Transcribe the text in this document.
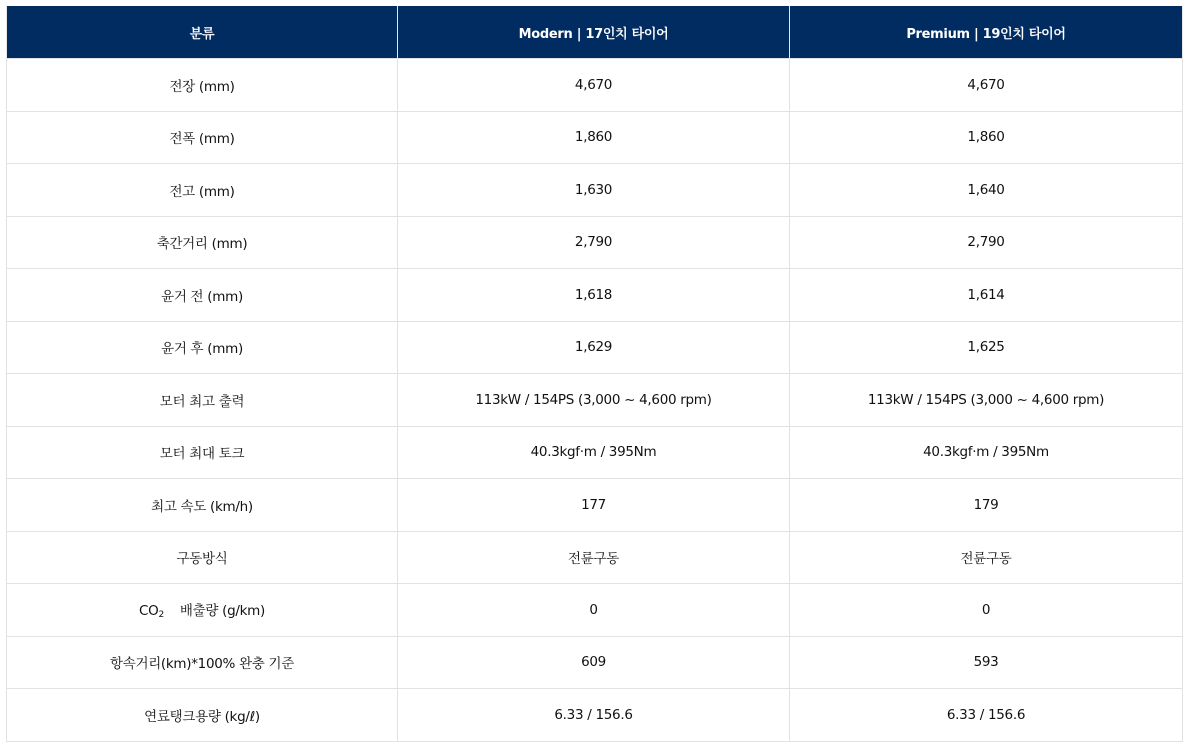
분류	Modern | 17인치 타이어	Premium | 19인치 타이어
전장 (mm)	4,670	4,670
전폭 (mm)	1,860	1,860
전고 (mm)	1,630	1,640
축간거리 (mm)	2,790	2,790
윤거 전 (mm)	1,618	1,614
윤거 후 (mm)	1,629	1,625
모터 최고 출력	113kW / 154PS (3,000 ~ 4,600 rpm)	113kW / 154PS (3,000 ~ 4,600 rpm)
모터 최대 토크	40.3kgf·m / 395Nm	40.3kgf·m / 395Nm
최고 속도 (km/h)	177	179
구동방식	전륜구동	전륜구동
$CO_2$ 배출량 (g/km)	0	0
항속거리(km)*100% 완충 기준	609	593
연료탱크용량 (kg/ℓ)	6.33 / 156.6	6.33 / 156.6
